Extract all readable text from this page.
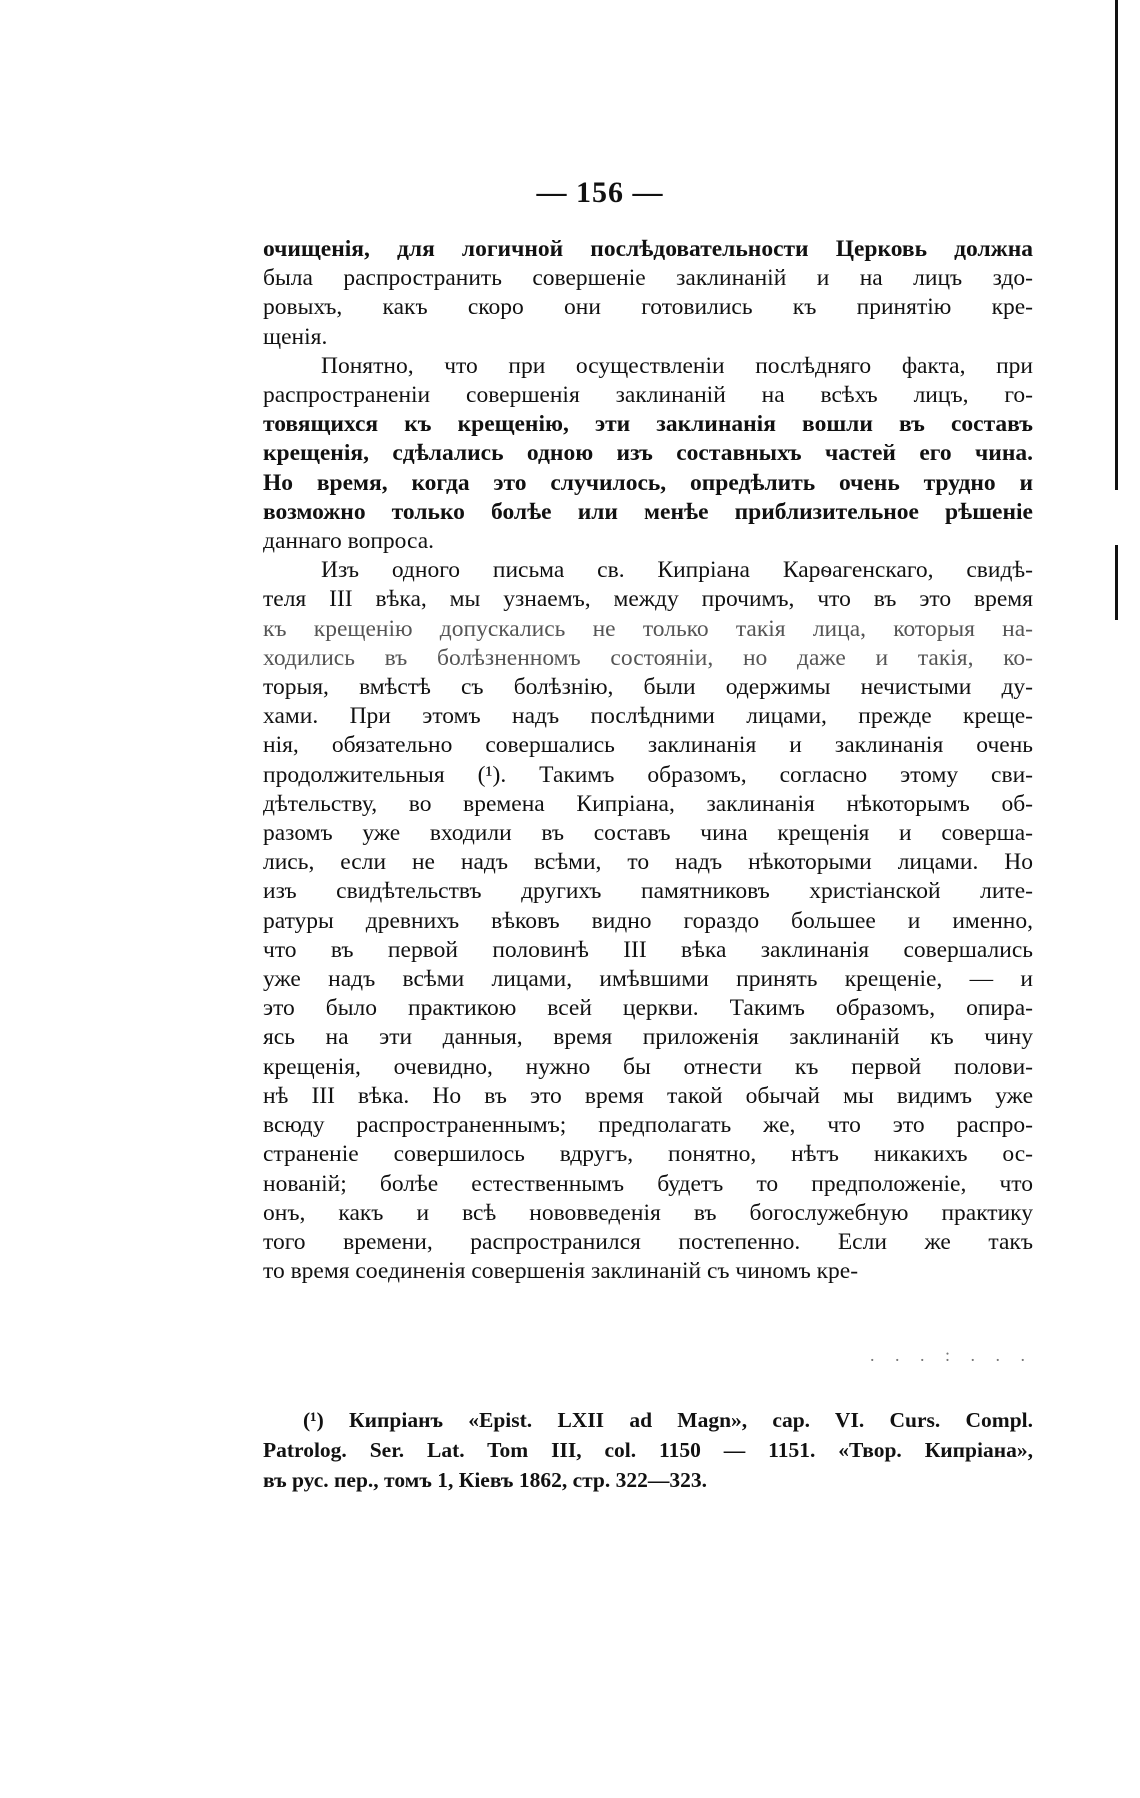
— 156 —
очищенія, для логичной послѣдовательности Церковь должна
была распространить совершеніе заклинаній и на лицъ здо-
ровыхъ, какъ скоро они готовились къ принятію кре-
щенія.
Понятно, что при осуществленіи послѣдняго факта, при
распространеніи совершенія заклинаній на всѣхъ лицъ, го-
товящихся къ крещенію, эти заклинанія вошли въ составъ
крещенія, сдѣлались одною изъ составныхъ частей его чина.
Но время, когда это случилось, опредѣлить очень трудно и
возможно только болѣе или менѣе приблизительное рѣшеніе
даннаго вопроса.
Изъ одного письма св. Кипріана Карѳагенскаго, свидѣ-
теля III вѣка, мы узнаемъ, между прочимъ, что въ это время
къ крещенію допускались не только такія лица, которыя на-
ходились въ болѣзненномъ состояніи, но даже и такія, ко-
торыя, вмѣстѣ съ болѣзнію, были одержимы нечистыми ду-
хами. При этомъ надъ послѣдними лицами, прежде креще-
нія, обязательно совершались заклинанія и заклинанія очень
продолжительныя (¹). Такимъ образомъ, согласно этому сви-
дѣтельству, во времена Кипріана, заклинанія нѣкоторымъ об-
разомъ уже входили въ составъ чина крещенія и соверша-
лись, если не надъ всѣми, то надъ нѣкоторыми лицами. Но
изъ свидѣтельствъ другихъ памятниковъ христіанской лите-
ратуры древнихъ вѣковъ видно гораздо большее и именно,
что въ первой половинѣ III вѣка заклинанія совершались
уже надъ всѣми лицами, имѣвшими принять крещеніе, — и
это было практикою всей церкви. Такимъ образомъ, опира-
ясь на эти данныя, время приложенія заклинаній къ чину
крещенія, очевидно, нужно бы отнести къ первой полови-
нѣ III вѣка. Но въ это время такой обычай мы видимъ уже
всюду распространеннымъ; предполагать же, что это распро-
страненіе совершилось вдругъ, понятно, нѣтъ никакихъ ос-
нованій; болѣе естественнымъ будетъ то предположеніе, что
онъ, какъ и всѣ нововведенія въ богослужебную практику
того времени, распространился постепенно. Если же такъ
то время соединенія совершенія заклинаній съ чиномъ кре-
. . . : . . .
(¹) Кипріанъ «Epist. LXII ad Magn», cap. VI. Curs. Compl.
Patrolog. Ser. Lat. Tom III, col. 1150 — 1151. «Твор. Кипріана»,
въ рус. пер., томъ 1, Кіевъ 1862, стр. 322—323.
